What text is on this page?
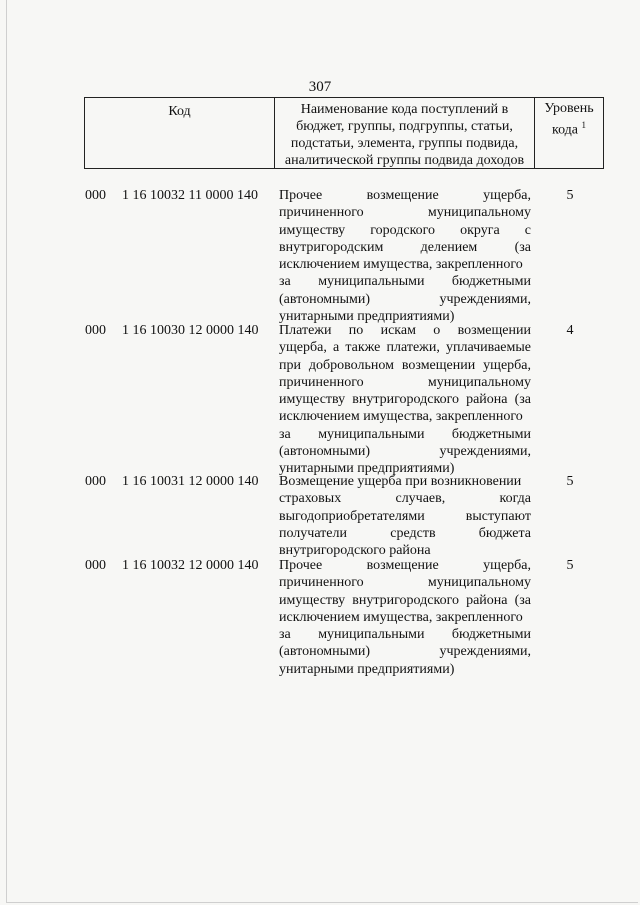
307
Код	Наименование кода поступлений в
бюджет, группы, подгруппы, статьи,
подстатьи, элемента, группы подвида,
аналитической группы подвида доходов
Уровень
кода $^1$
000	1 16 10032 11 0000 140	Прочее возмещение ущерба,
причиненного муниципальному
имуществу городского округа с
внутригородским делением (за
исключением имущества, закрепленного
за муниципальными бюджетными
(автономными) учреждениями,
унитарными предприятиями)
5
000	1 16 10030 12 0000 140	Платежи по искам о возмещении
ущерба, а также платежи, уплачиваемые
при добровольном возмещении ущерба,
причиненного муниципальному
имуществу внутригородского района (за
исключением имущества, закрепленного
за муниципальными бюджетными
(автономными) учреждениями,
унитарными предприятиями)
4
000	1 16 10031 12 0000 140	Возмещение ущерба при возникновении
страховых случаев, когда
выгодоприобретателями выступают
получатели средств бюджета
внутригородского района
5
000	1 16 10032 12 0000 140	Прочее возмещение ущерба,
причиненного муниципальному
имуществу внутригородского района (за
исключением имущества, закрепленного
за муниципальными бюджетными
(автономными) учреждениями,
унитарными предприятиями)
5
